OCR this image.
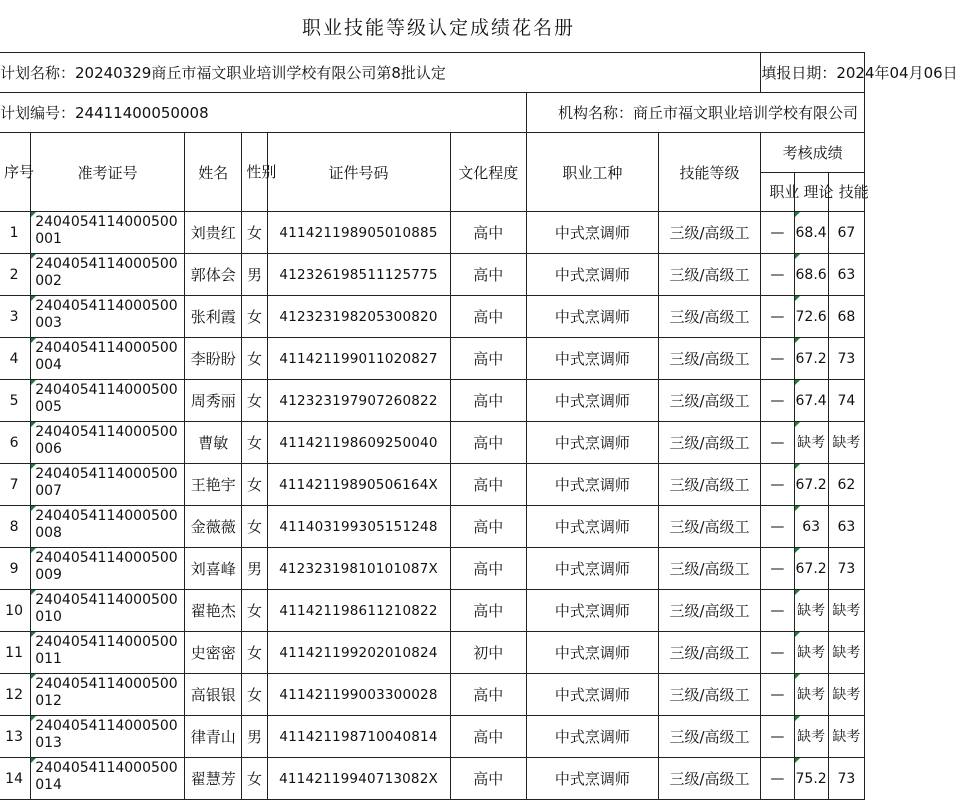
职业技能等级认定成绩花名册
计划名称：20240329商丘市福文职业培训学校有限公司第8批认定								填报日期：2024年04月06日		
计划编号：24411400050008						机构名称：商丘市福文职业培训学校有限公司				
序号	准考证号	姓名	性别	证件号码	文化程度	职业工种	技能等级	考核成绩		
								职业	理论	技能
1	2404054114000500001	刘贵红	女	411421198905010885	高中	中式烹调师	三级/高级工	—	68.4	67
2	2404054114000500002	郭体会	男	412326198511125775	高中	中式烹调师	三级/高级工	—	68.6	63
3	2404054114000500003	张利霞	女	412323198205300820	高中	中式烹调师	三级/高级工	—	72.6	68
4	2404054114000500004	李盼盼	女	411421199011020827	高中	中式烹调师	三级/高级工	—	67.2	73
5	2404054114000500005	周秀丽	女	412323197907260822	高中	中式烹调师	三级/高级工	—	67.4	74
6	2404054114000500006	曹敏	女	411421198609250040	高中	中式烹调师	三级/高级工	—	缺考	缺考
7	2404054114000500007	王艳宇	女	41142119890506164X	高中	中式烹调师	三级/高级工	—	67.2	62
8	2404054114000500008	金薇薇	女	411403199305151248	高中	中式烹调师	三级/高级工	—	63	63
9	2404054114000500009	刘喜峰	男	41232319810101087X	高中	中式烹调师	三级/高级工	—	67.2	73
10	2404054114000500010	翟艳杰	女	411421198611210822	高中	中式烹调师	三级/高级工	—	缺考	缺考
11	2404054114000500011	史密密	女	411421199202010824	初中	中式烹调师	三级/高级工	—	缺考	缺考
12	2404054114000500012	高银银	女	411421199003300028	高中	中式烹调师	三级/高级工	—	缺考	缺考
13	2404054114000500013	律青山	男	411421198710040814	高中	中式烹调师	三级/高级工	—	缺考	缺考
14	2404054114000500014	翟慧芳	女	41142119940713082X	高中	中式烹调师	三级/高级工	—	75.2	73
